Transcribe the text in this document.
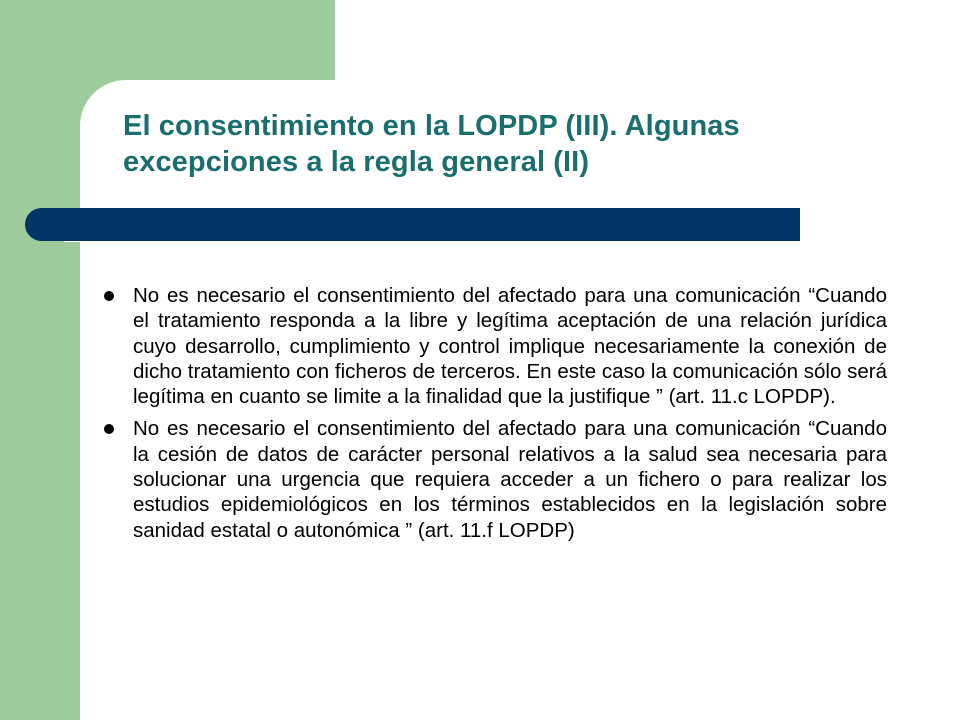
El consentimiento en la LOPDP (III). Algunas excepciones a la regla general (II)
No es necesario el consentimiento del afectado para una comunicación “Cuando el tratamiento responda a la libre y legítima aceptación de una relación jurídica cuyo desarrollo, cumplimiento y control implique necesariamente la conexión de dicho tratamiento con ficheros de terceros. En este caso la comunicación sólo será legítima en cuanto se limite a la finalidad que la justifique ” (art. 11.c LOPDP).
No es necesario el consentimiento del afectado para una comunicación “Cuando la cesión de datos de carácter personal relativos a la salud sea necesaria para solucionar una urgencia que requiera acceder a un fichero o para realizar los estudios epidemiológicos en los términos establecidos en la legislación sobre sanidad estatal o autonómica ” (art. 11.f LOPDP)
